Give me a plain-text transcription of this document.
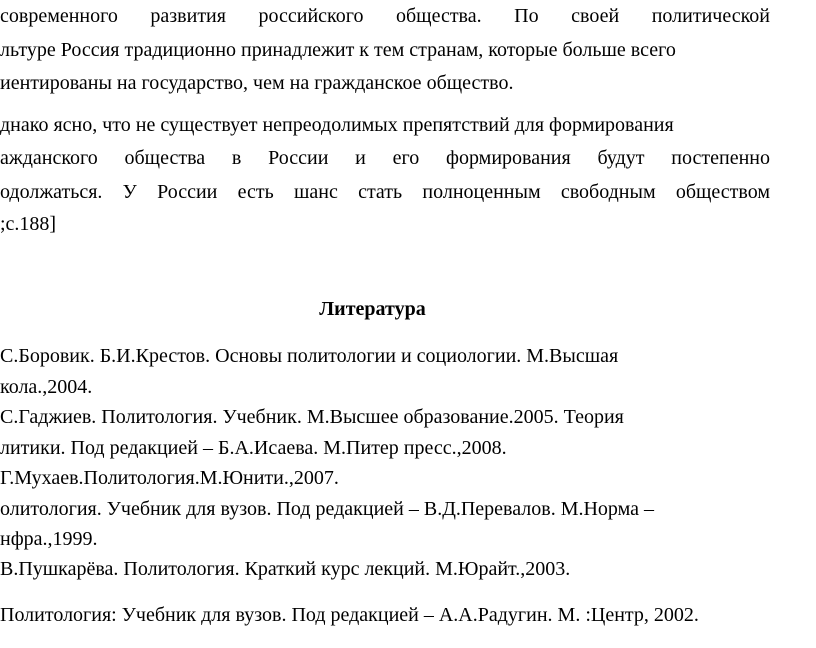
современного развития российского общества. По своей политической
льтуре Россия традиционно принадлежит к тем странам, которые больше всего
иентированы на государство, чем на гражданское общество.
днако ясно, что не существует непреодолимых препятствий для формирования
ажданского общества в России и его формирования будут постепенно
одолжаться. У России есть шанс стать полноценным свободным обществом
;с.188]
Литература
С.Боровик. Б.И.Крестов. Основы политологии и социологии. М.Высшая
кола.,2004.
С.Гаджиев. Политология. Учебник. М.Высшее образование.2005. Теория
литики. Под редакцией – Б.А.Исаева. М.Питер пресс.,2008.
Г.Мухаев.Политология.М.Юнити.,2007.
олитология. Учебник для вузов. Под редакцией – В.Д.Перевалов. М.Норма –
нфра.,1999.
В.Пушкарёва. Политология. Краткий курс лекций. М.Юрайт.,2003.
Политология: Учебник для вузов. Под редакцией – А.А.Радугин. М. :Центр, 2002.
